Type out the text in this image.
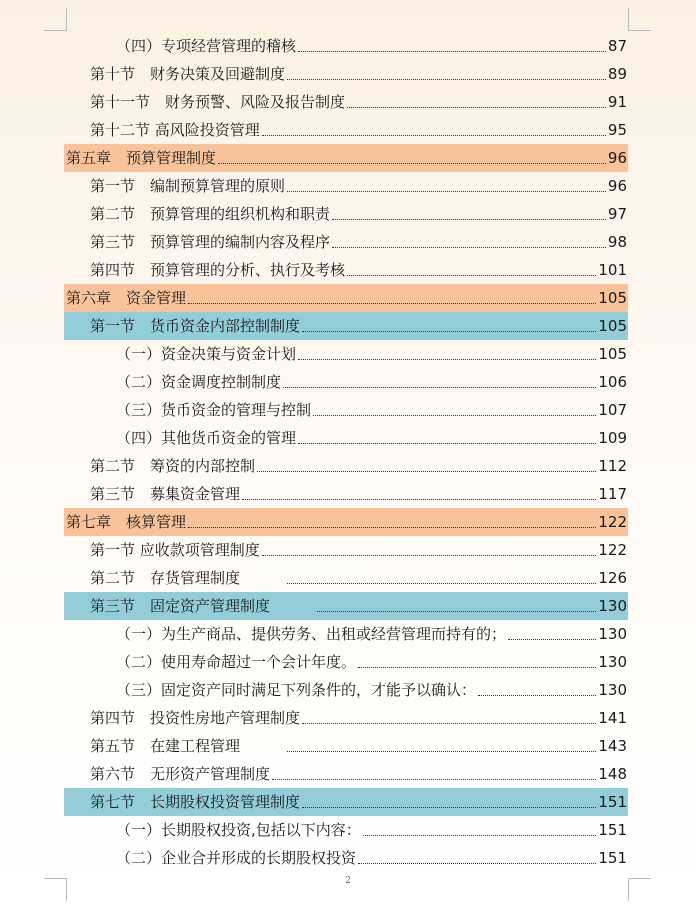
（四）专项经营管理的稽核	87
第十节　财务决策及回避制度	89
第十一节　财务预警、风险及报告制度	91
第十二节 高风险投资管理	95
第五章　预算管理制度	96
第一节　编制预算管理的原则	96
第二节　预算管理的组织机构和职责	97
第三节　预算管理的编制内容及程序	98
第四节　预算管理的分析、执行及考核	101
第六章　资金管理	105
第一节　货币资金内部控制制度	105
（一）资金决策与资金计划	105
（二）资金调度控制制度	106
（三）货币资金的管理与控制	107
（四）其他货币资金的管理	109
第二节　筹资的内部控制	112
第三节　募集资金管理	117
第七章　核算管理	122
第一节 应收款项管理制度	122
第二节　存货管理制度　　　	126
第三节　固定资产管理制度　　　	130
（一）为生产商品、提供劳务、出租或经营管理而持有的；	130
（二）使用寿命超过一个会计年度。	130
（三）固定资产同时满足下列条件的，才能予以确认：	130
第四节　投资性房地产管理制度	141
第五节　在建工程管理　　　	143
第六节　无形资产管理制度	148
第七节　长期股权投资管理制度	151
（一）长期股权投资,包括以下内容：	151
（二）企业合并形成的长期股权投资	151
2
